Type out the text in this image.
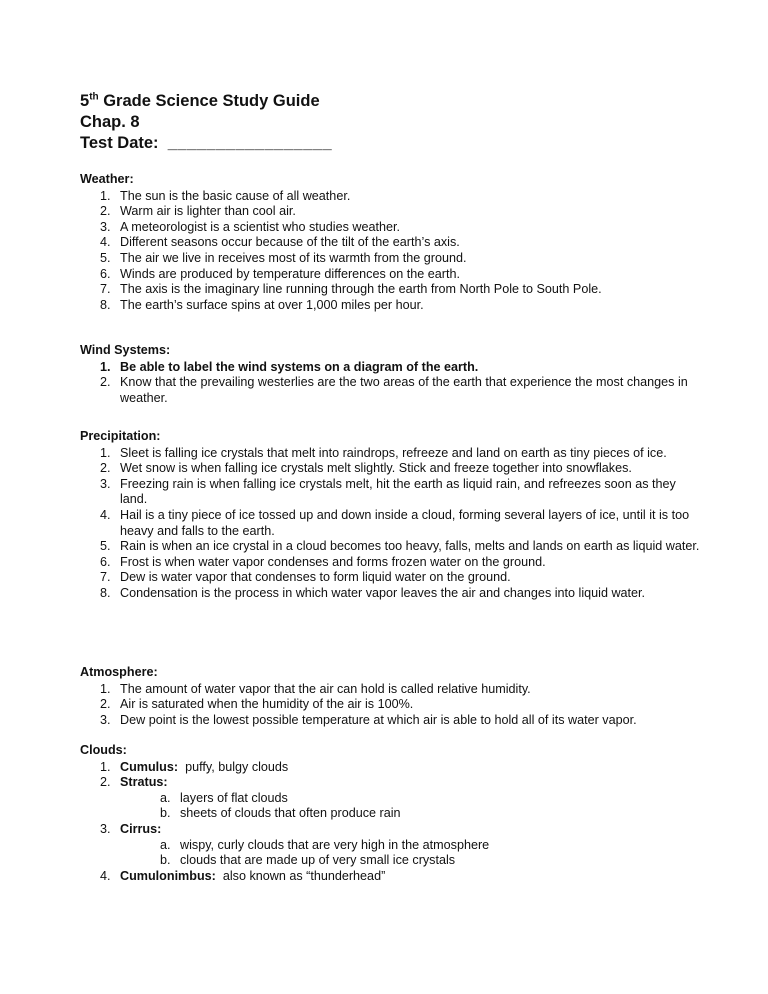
5th Grade Science Study Guide
Chap. 8
Test Date: _________________
Weather:
1. The sun is the basic cause of all weather.
2. Warm air is lighter than cool air.
3. A meteorologist is a scientist who studies weather.
4. Different seasons occur because of the tilt of the earth’s axis.
5. The air we live in receives most of its warmth from the ground.
6. Winds are produced by temperature differences on the earth.
7. The axis is the imaginary line running through the earth from North Pole to South Pole.
8. The earth’s surface spins at over 1,000 miles per hour.
Wind Systems:
1. Be able to label the wind systems on a diagram of the earth.
2. Know that the prevailing westerlies are the two areas of the earth that experience the most changes in weather.
Precipitation:
1. Sleet is falling ice crystals that melt into raindrops, refreeze and land on earth as tiny pieces of ice.
2. Wet snow is when falling ice crystals melt slightly. Stick and freeze together into snowflakes.
3. Freezing rain is when falling ice crystals melt, hit the earth as liquid rain, and refreezes soon as they land.
4. Hail is a tiny piece of ice tossed up and down inside a cloud, forming several layers of ice, until it is too heavy and falls to the earth.
5. Rain is when an ice crystal in a cloud becomes too heavy, falls, melts and lands on earth as liquid water.
6. Frost is when water vapor condenses and forms frozen water on the ground.
7. Dew is water vapor that condenses to form liquid water on the ground.
8. Condensation is the process in which water vapor leaves the air and changes into liquid water.
Atmosphere:
1. The amount of water vapor that the air can hold is called relative humidity.
2. Air is saturated when the humidity of the air is 100%.
3. Dew point is the lowest possible temperature at which air is able to hold all of its water vapor.
Clouds:
1. Cumulus:  puffy, bulgy clouds
2. Stratus:
a. layers of flat clouds
b. sheets of clouds that often produce rain
3. Cirrus:
a. wispy, curly clouds that are very high in the atmosphere
b. clouds that are made up of very small ice crystals
4. Cumulonimbus:  also known as “thunderhead”
